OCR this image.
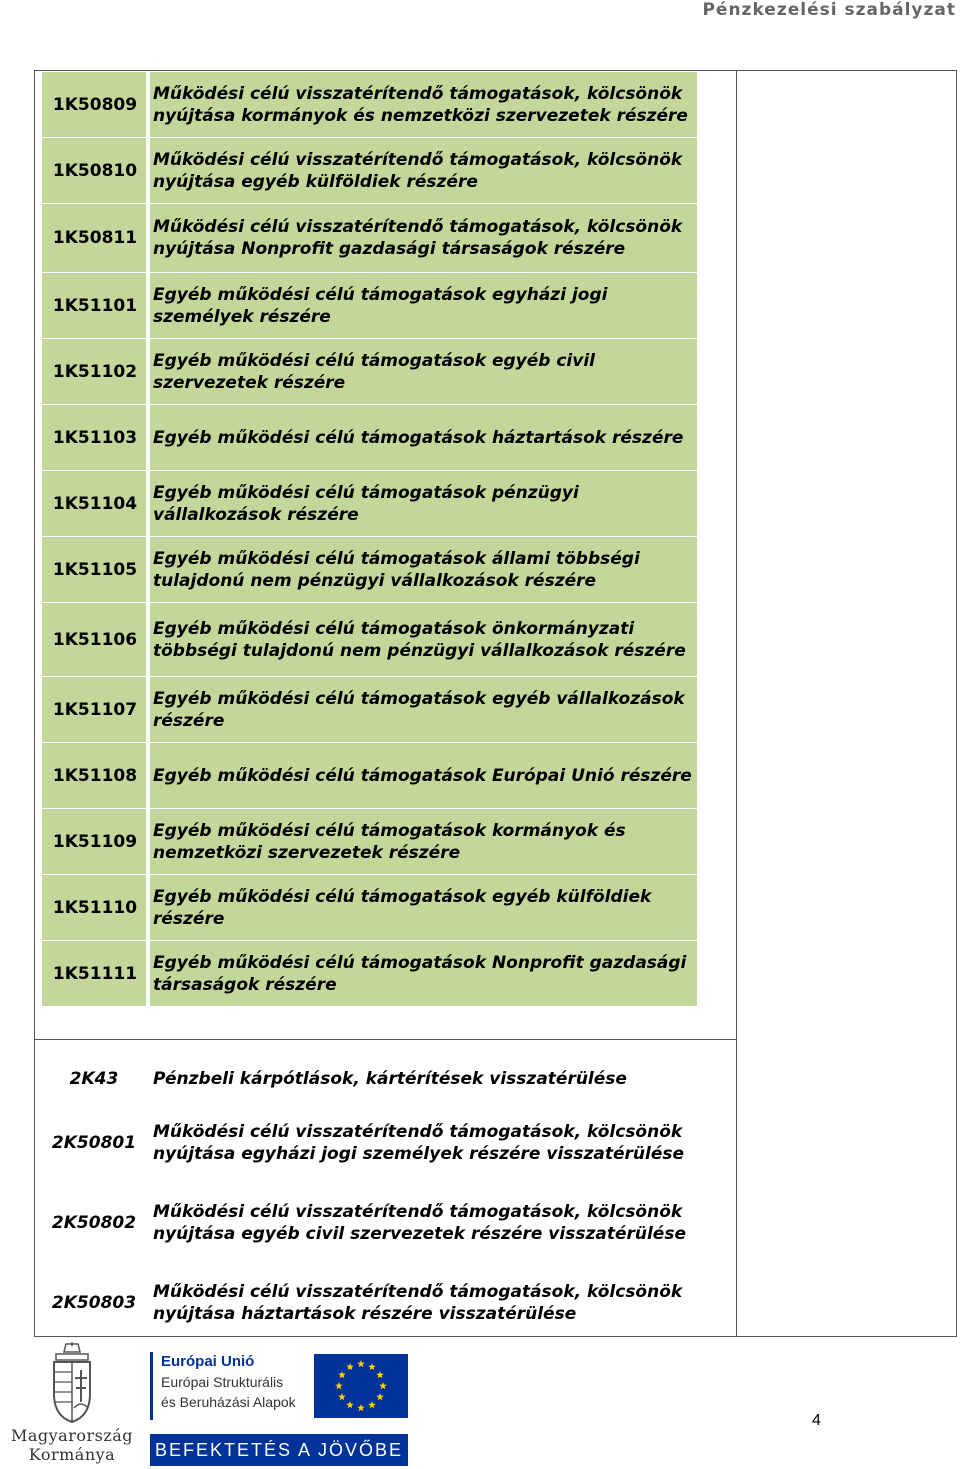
Pénzkezelési szabályzat
1K50809
Működési célú visszatérítendő támogatások, kölcsönök nyújtása kormányok és nemzetközi szervezetek részére
1K50810
Működési célú visszatérítendő támogatások, kölcsönök nyújtása egyéb külföldiek részére
1K50811
Működési célú visszatérítendő támogatások, kölcsönök nyújtása Nonprofit gazdasági társaságok részére
1K51101
Egyéb működési célú támogatások egyházi jogi személyek részére
1K51102
Egyéb működési célú támogatások egyéb civil szervezetek részére
1K51103 Egyéb működési célú támogatások háztartások részére
1K51104
Egyéb működési célú támogatások pénzügyi vállalkozások részére
1K51105
Egyéb működési célú támogatások állami többségi tulajdonú nem pénzügyi vállalkozások részére
1K51106
Egyéb működési célú támogatások önkormányzati többségi tulajdonú nem pénzügyi vállalkozások részére
1K51107
Egyéb működési célú támogatások egyéb vállalkozások részére
1K51108 Egyéb működési célú támogatások Európai Unió részére
1K51109
Egyéb működési célú támogatások kormányok és nemzetközi szervezetek részére
1K51110
Egyéb működési célú támogatások egyéb külföldiek részére
1K51111
Egyéb működési célú támogatások Nonprofit gazdasági társaságok részére
2K43	Pénzbeli kárpótlások, kártérítések visszatérülése
2K50801
Működési célú visszatérítendő támogatások, kölcsönök nyújtása egyházi jogi személyek részére visszatérülése
2K50802
Működési célú visszatérítendő támogatások, kölcsönök nyújtása egyéb civil szervezetek részére visszatérülése
2K50803
Működési célú visszatérítendő támogatások, kölcsönök nyújtása háztartások részére visszatérülése
Magyarország
Kormánya
Európai Unió
Európai Strukturális
és Beruházási Alapok
BEFEKTETÉS A JÖVŐBE
4
